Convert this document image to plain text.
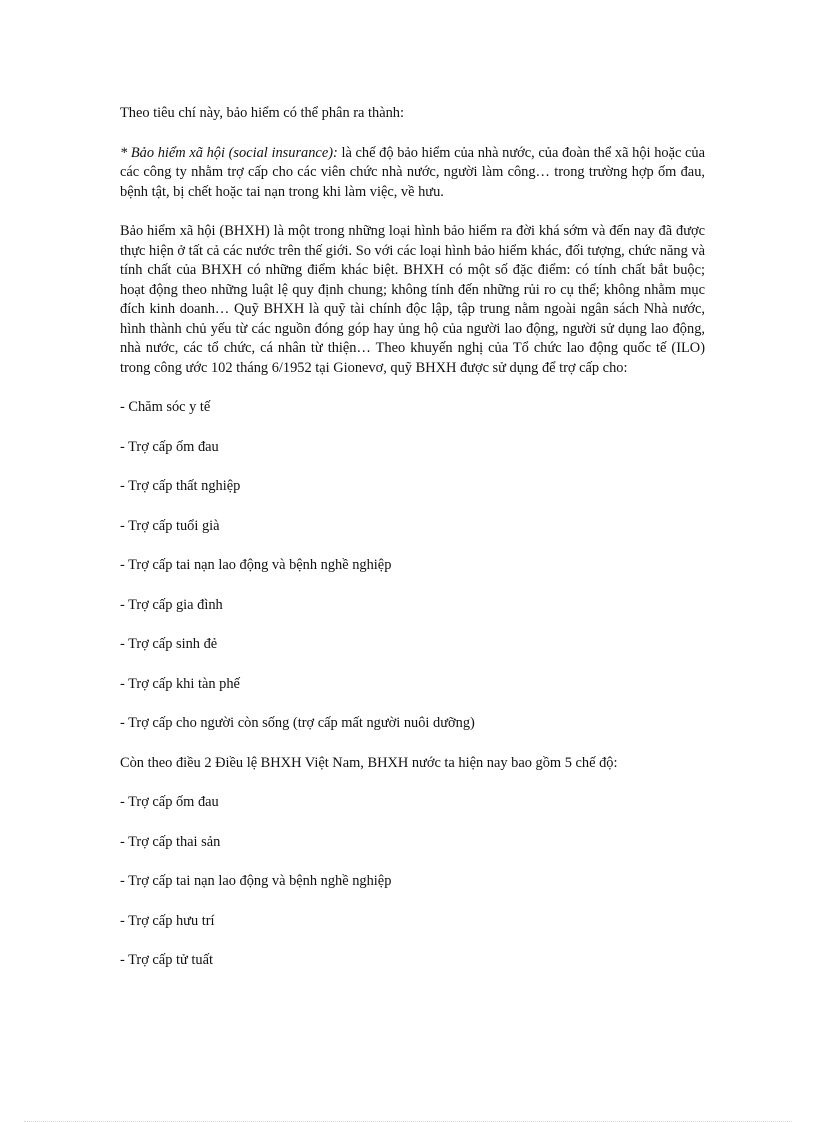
Theo tiêu chí này, bảo hiểm có thể phân ra thành:

* Bảo hiểm xã hội (social insurance): là chế độ bảo hiểm của nhà nước, của đoàn thể xã hội hoặc của các công ty nhằm trợ cấp cho các viên chức nhà nước, người làm công… trong trường hợp ốm đau, bệnh tật, bị chết hoặc tai nạn trong khi làm việc, về hưu.

Bảo hiểm xã hội (BHXH) là một trong những loại hình bảo hiểm ra đời khá sớm và đến nay đã được thực hiện ở tất cả các nước trên thế giới. So với các loại hình bảo hiểm khác, đối tượng, chức năng và tính chất của BHXH có những điểm khác biệt. BHXH có một số đặc điểm: có tính chất bắt buộc; hoạt động theo những luật lệ quy định chung; không tính đến những rủi ro cụ thể; không nhằm mục đích kinh doanh… Quỹ BHXH là quỹ tài chính độc lập, tập trung nằm ngoài ngân sách Nhà nước, hình thành chủ yếu từ các nguồn đóng góp hay ủng hộ của người lao động, người sử dụng lao động, nhà nước, các tổ chức, cá nhân từ thiện… Theo khuyến nghị của Tổ chức lao động quốc tế (ILO) trong công ước 102 tháng 6/1952 tại Gionevơ, quỹ BHXH được sử dụng để trợ cấp cho:

- Chăm sóc y tế

- Trợ cấp ốm đau

- Trợ cấp thất nghiệp

- Trợ cấp tuổi già

- Trợ cấp tai nạn lao động và bệnh nghề nghiệp

- Trợ cấp gia đình

- Trợ cấp sinh đẻ

- Trợ cấp khi tàn phế

- Trợ cấp cho người còn sống (trợ cấp mất người nuôi dưỡng)

Còn theo điều 2 Điều lệ BHXH Việt Nam, BHXH nước ta hiện nay bao gồm 5 chế độ:

- Trợ cấp ốm đau

- Trợ cấp thai sản

- Trợ cấp tai nạn lao động và bệnh nghề nghiệp

- Trợ cấp hưu trí

- Trợ cấp tử tuất
